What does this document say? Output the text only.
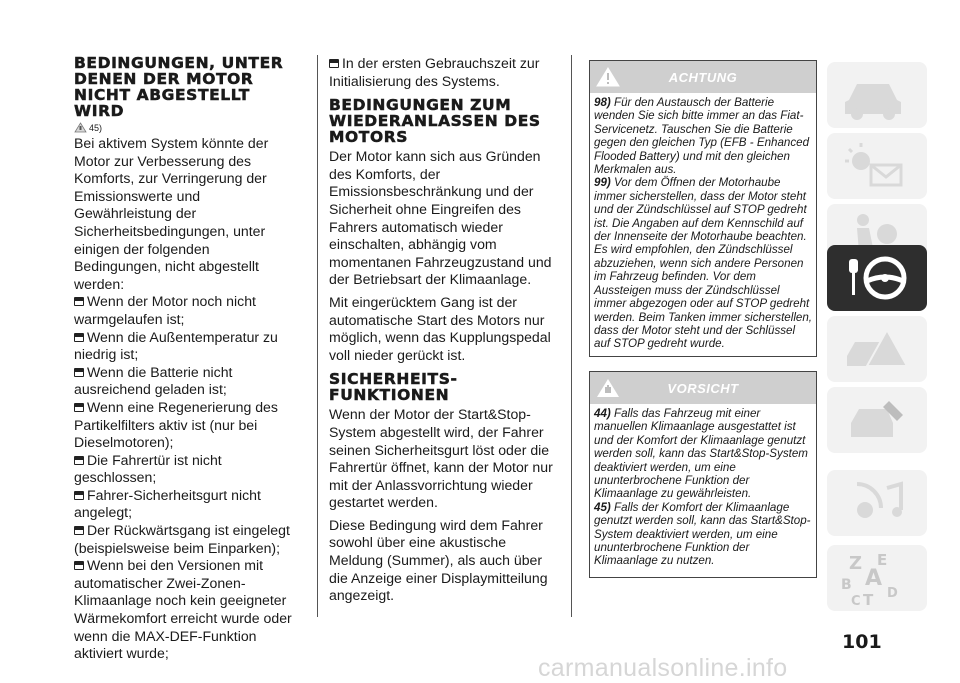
BEDINGUNGEN, UNTER DENEN DER MOTOR NICHT ABGESTELLT WIRD
45)

Bei aktivem System könnte der Motor zur Verbesserung des Komforts, zur Verringerung der Emissionswerte und Gewährleistung der Sicherheitsbedingungen, unter einigen der folgenden Bedingungen, nicht abgestellt werden:

Wenn der Motor noch nicht warmgelaufen ist;
Wenn die Außentemperatur zu niedrig ist;
Wenn die Batterie nicht ausreichend geladen ist;
Wenn eine Regenerierung des Partikelfilters aktiv ist (nur bei Dieselmotoren);
Die Fahrertür ist nicht geschlossen;
Fahrer-Sicherheitsgurt nicht angelegt;
Der Rückwärtsgang ist eingelegt (beispielsweise beim Einparken);
Wenn bei den Versionen mit automatischer Zwei-Zonen-Klimaanlage noch kein geeigneter Wärmekomfort erreicht wurde oder wenn die MAX-DEF-Funktion aktiviert wurde;
In der ersten Gebrauchszeit zur Initialisierung des Systems.
BEDINGUNGEN ZUM WIEDERANLASSEN DES MOTORS

Der Motor kann sich aus Gründen des Komforts, der Emissionsbeschränkung und der Sicherheit ohne Eingreifen des Fahrers automatisch wieder einschalten, abhängig vom momentanen Fahrzeugzustand und der Betriebsart der Klimaanlage.

Mit eingerücktem Gang ist der automatische Start des Motors nur möglich, wenn das Kupplungspedal voll nieder gerückt ist.

SICHERHEITS-FUNKTIONEN

Wenn der Motor der Start&Stop-System abgestellt wird, der Fahrer seinen Sicherheitsgurt löst oder die Fahrertür öffnet, kann der Motor nur mit der Anlassvorrichtung wieder gestartet werden.

Diese Bedingung wird dem Fahrer sowohl über eine akustische Meldung (Summer), als auch über die Anzeige einer Displaymitteilung angezeigt.

ACHTUNG
98) Für den Austausch der Batterie wenden Sie sich bitte immer an das Fiat-Servicenetz. Tauschen Sie die Batterie gegen den gleichen Typ (EFB - Enhanced Flooded Battery) und mit den gleichen Merkmalen aus.
99) Vor dem Öffnen der Motorhaube immer sicherstellen, dass der Motor steht und der Zündschlüssel auf STOP gedreht ist. Die Angaben auf dem Kennschild auf der Innenseite der Motorhaube beachten. Es wird empfohlen, den Zündschlüssel abzuziehen, wenn sich andere Personen im Fahrzeug befinden. Vor dem Aussteigen muss der Zündschlüssel immer abgezogen oder auf STOP gedreht werden. Beim Tanken immer sicherstellen, dass der Motor steht und der Schlüssel auf STOP gedreht wurde.
VORSICHT
44) Falls das Fahrzeug mit einer manuellen Klimaanlage ausgestattet ist und der Komfort der Klimaanlage genutzt werden soll, kann das Start&Stop-System deaktiviert werden, um eine ununterbrochene Funktion der Klimaanlage zu gewährleisten.
45) Falls der Komfort der Klimaanlage genutzt werden soll, kann das Start&Stop-System deaktiviert werden, um eine ununterbrochene Funktion der Klimaanlage zu nutzen.	Z E
A
B
C T D
101
carmanualsonline.info
